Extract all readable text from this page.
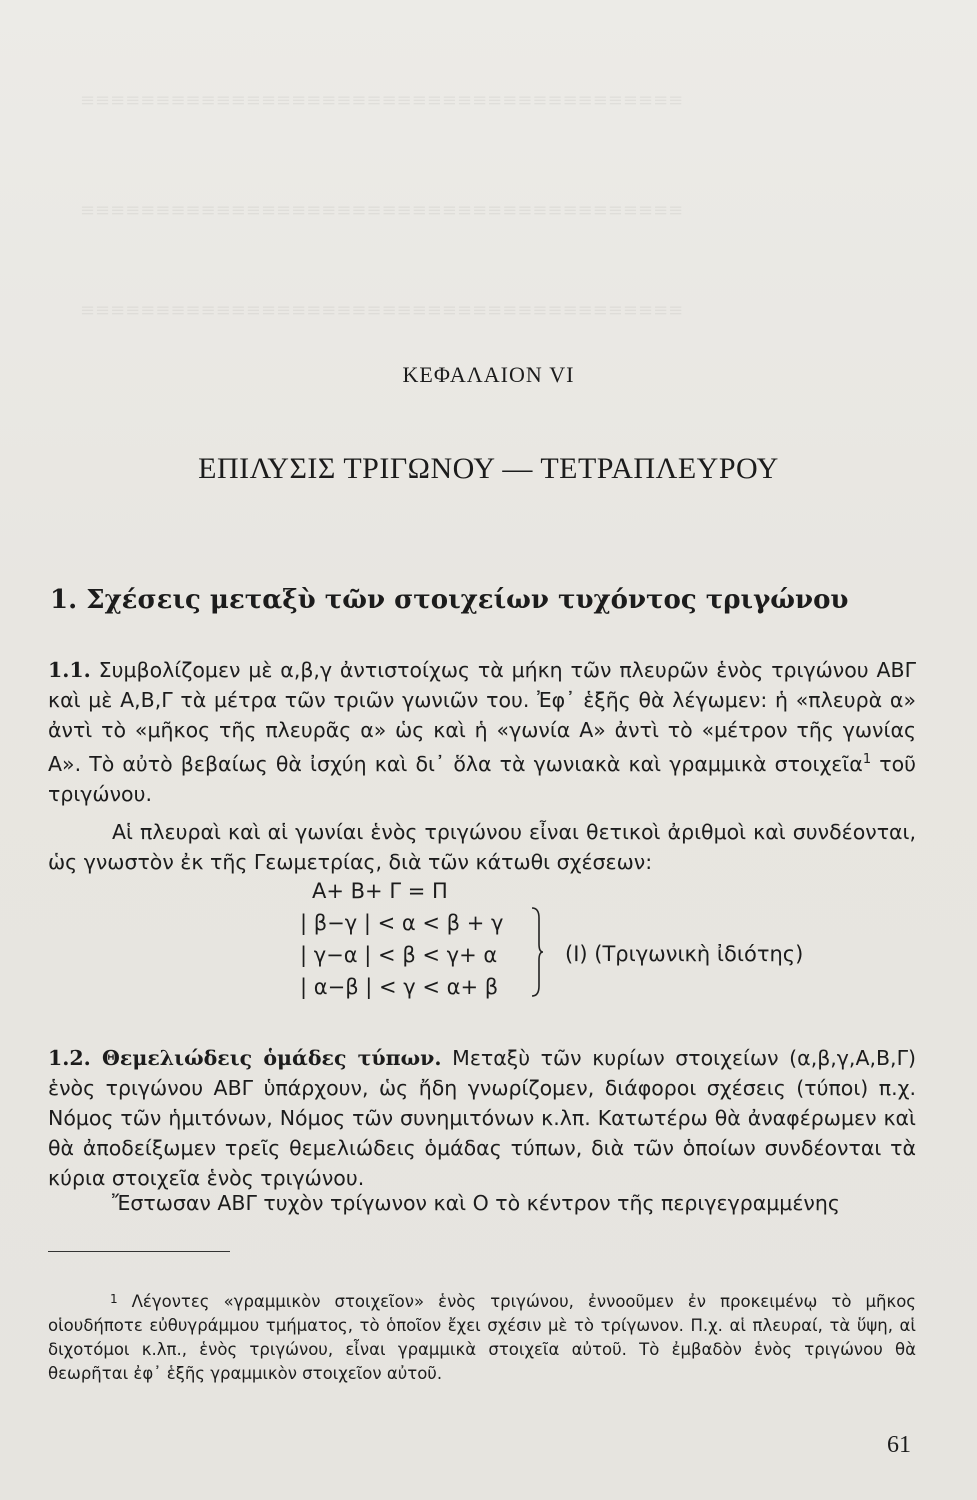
≡≡≡≡≡≡≡≡≡≡≡≡≡≡≡≡≡≡≡≡≡≡≡≡≡≡≡≡≡≡≡≡≡≡≡≡≡≡≡≡
≡≡≡≡≡≡≡≡≡≡≡≡≡≡≡≡≡≡≡≡≡≡≡≡≡≡≡≡≡≡≡≡≡≡≡≡≡≡≡≡
≡≡≡≡≡≡≡≡≡≡≡≡≡≡≡≡≡≡≡≡≡≡≡≡≡≡≡≡≡≡≡≡≡≡≡≡≡≡≡≡
ΚΕΦΑΛΑΙΟΝ VI
ΕΠΙΛΥΣΙΣ ΤΡΙΓΩΝΟΥ — ΤΕΤΡΑΠΛΕΥΡΟΥ
1. Σχέσεις μεταξὺ τῶν στοιχείων τυχόντος τριγώνου
1.1. Συμβολίζομεν μὲ α,β,γ ἀντιστοίχως τὰ μήκη τῶν πλευρῶν ἑνὸς τριγώνου ΑΒΓ καὶ μὲ Α,Β,Γ τὰ μέτρα τῶν τριῶν γωνιῶν του. Ἐφ᾽ ἑξῆς θὰ λέγωμεν: ἡ «πλευρὰ α» ἀντὶ τὸ «μῆκος τῆς πλευρᾶς α» ὡς καὶ ἡ «γωνία Α» ἀντὶ τὸ «μέτρον τῆς γωνίας Α». Τὸ αὐτὸ βεβαίως θὰ ἰσχύη καὶ δι᾽ ὅλα τὰ γωνιακὰ καὶ γραμμικὰ στοιχεῖα$^1$ τοῦ τριγώνου.
Αἱ πλευραὶ καὶ αἱ γωνίαι ἑνὸς τριγώνου εἶναι θετικοὶ ἀριθμοὶ καὶ συνδέονται, ὡς γνωστὸν ἐκ τῆς Γεωμετρίας, διὰ τῶν κάτωθι σχέσεων:
Α+ Β+ Γ = Π
| β−γ | < α < β + γ
| γ−α | < β < γ+ α
| α−β | < γ < α+ β
(Ι) (Τριγωνικὴ ἰδιότης)
1.2. Θεμελιώδεις ὁμάδες τύπων. Μεταξὺ τῶν κυρίων στοιχείων (α,β,γ,Α,Β,Γ) ἑνὸς τριγώνου ΑΒΓ ὑπάρχουν, ὡς ἤδη γνωρίζομεν, διάφοροι σχέσεις (τύποι) π.χ. Νόμος τῶν ἡμιτόνων, Νόμος τῶν συνημιτόνων κ.λπ. Κατωτέρω θὰ ἀναφέρωμεν καὶ θὰ ἀποδείξωμεν τρεῖς θεμελιώδεις ὁμάδας τύπων, διὰ τῶν ὁποίων συνδέονται τὰ κύρια στοιχεῖα ἑνὸς τριγώνου.
Ἔστωσαν ΑΒΓ τυχὸν τρίγωνον καὶ Ο τὸ κέντρον τῆς περιγεγραμμένης
$^1$ Λέγοντες «γραμμικὸν στοιχεῖον» ἑνὸς τριγώνου, ἐννοοῦμεν ἐν προκειμένῳ τὸ μῆκος οἱουδήποτε εὐθυγράμμου τμήματος, τὸ ὁποῖον ἔχει σχέσιν μὲ τὸ τρίγωνον. Π.χ. αἱ πλευραί, τὰ ὕψη, αἱ διχοτόμοι κ.λπ., ἑνὸς τριγώνου, εἶναι γραμμικὰ στοιχεῖα αὐτοῦ. Τὸ ἐμβαδὸν ἑνὸς τριγώνου θὰ θεωρῆται ἐφ᾽ ἑξῆς γραμμικὸν στοιχεῖον αὐτοῦ.
61
